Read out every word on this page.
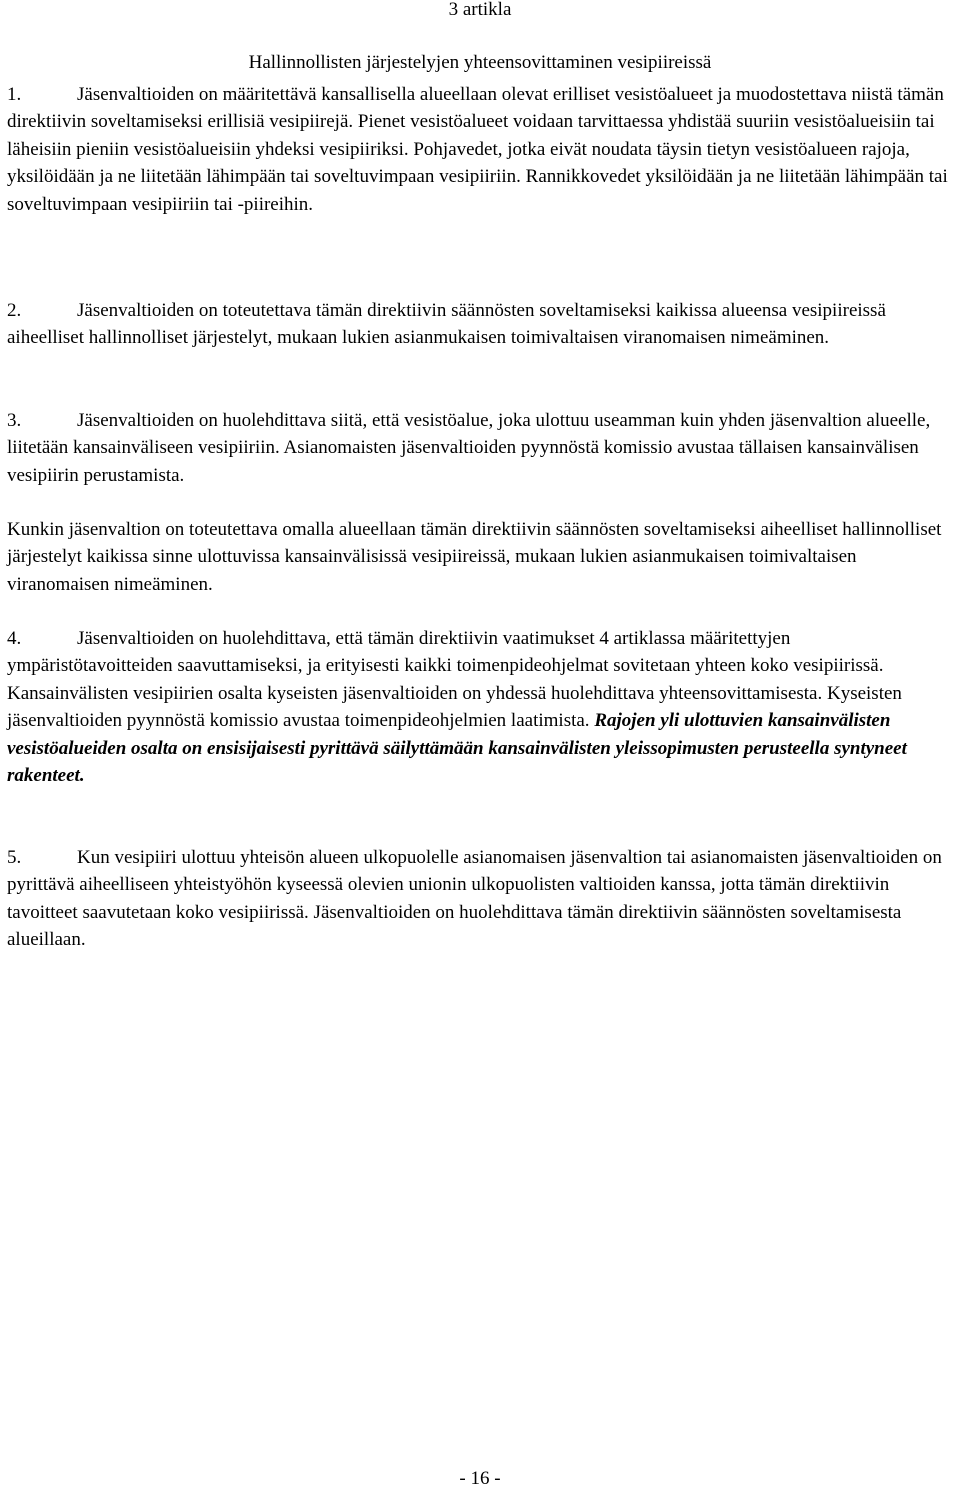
3 artikla
Hallinnollisten järjestelyjen yhteensovittaminen vesipiireissä

1.	Jäsenvaltioiden on määritettävä kansallisella alueellaan olevat erilliset vesistöalueet ja muodostettava niistä tämän direktiivin soveltamiseksi erillisiä vesipiirejä. Pienet vesistöalueet voidaan tarvittaessa yhdistää suuriin vesistöalueisiin tai läheisiin pieniin vesistöalueisiin yhdeksi vesipiiriksi. Pohjavedet, jotka eivät noudata täysin tietyn vesistöalueen rajoja, yksilöidään ja ne liitetään lähimpään tai soveltuvimpaan vesipiiriin. Rannikkovedet yksilöidään ja ne liitetään lähimpään tai soveltuvimpaan vesipiiriin tai -piireihin.

2.	Jäsenvaltioiden on toteutettava tämän direktiivin säännösten soveltamiseksi kaikissa alueensa vesipiireissä aiheelliset hallinnolliset järjestelyt, mukaan lukien asianmukaisen toimivaltaisen viranomaisen nimeäminen.

3.	Jäsenvaltioiden on huolehdittava siitä, että vesistöalue, joka ulottuu useamman kuin yhden jäsenvaltion alueelle, liitetään kansainväliseen vesipiiriin. Asianomaisten jäsenvaltioiden pyynnöstä komissio avustaa tällaisen kansainvälisen vesipiirin perustamista.

Kunkin jäsenvaltion on toteutettava omalla alueellaan tämän direktiivin säännösten soveltamiseksi aiheelliset hallinnolliset järjestelyt kaikissa sinne ulottuvissa kansainvälisissä vesipiireissä, mukaan lukien asianmukaisen toimivaltaisen viranomaisen nimeäminen.

4.	Jäsenvaltioiden on huolehdittava, että tämän direktiivin vaatimukset 4 artiklassa määritettyjen ympäristötavoitteiden saavuttamiseksi, ja erityisesti kaikki toimenpideohjelmat sovitetaan yhteen koko vesipiirissä. Kansainvälisten vesipiirien osalta kyseisten jäsenvaltioiden on yhdessä huolehdittava yhteensovittamisesta. Kyseisten jäsenvaltioiden pyynnöstä komissio avustaa toimenpideohjelmien laatimista. Rajojen yli ulottuvien kansainvälisten vesistöalueiden osalta on ensisijaisesti pyrittävä säilyttämään kansainvälisten yleissopimusten perusteella syntyneet rakenteet.

5.	Kun vesipiiri ulottuu yhteisön alueen ulkopuolelle asianomaisen jäsenvaltion tai asianomaisten jäsenvaltioiden on pyrittävä aiheelliseen yhteistyöhön kyseessä olevien unionin ulkopuolisten valtioiden kanssa, jotta tämän direktiivin tavoitteet saavutetaan koko vesipiirissä. Jäsenvaltioiden on huolehdittava tämän direktiivin säännösten soveltamisesta alueillaan.

- 16 -
